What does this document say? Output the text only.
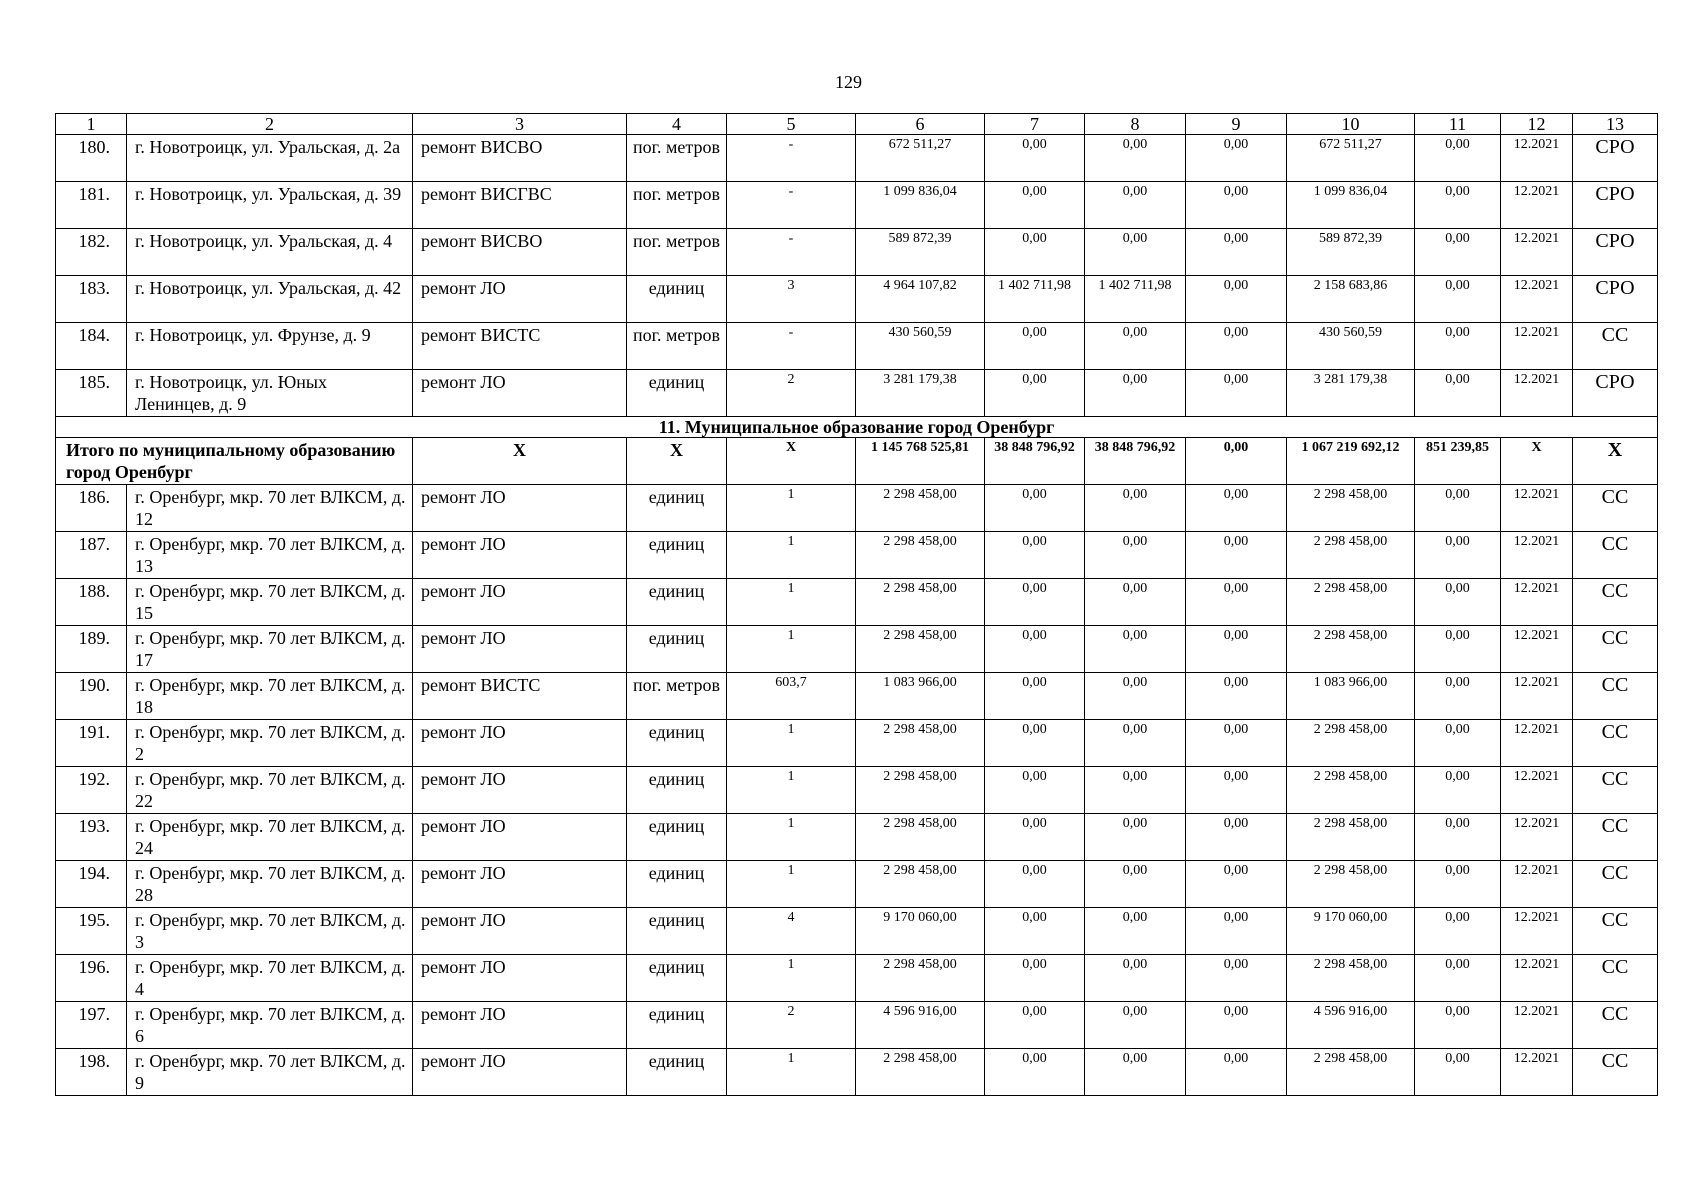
129
1	2	3	4	5	6	7	8	9	10	11	12	13
180.	г. Новотроицк, ул. Уральская, д. 2а	ремонт ВИСВО	пог. метров	-	672 511,27	0,00	0,00	0,00	672 511,27	0,00	12.2021	СРО
181.	г. Новотроицк, ул. Уральская, д. 39	ремонт ВИСГВС	пог. метров	-	1 099 836,04	0,00	0,00	0,00	1 099 836,04	0,00	12.2021	СРО
182.	г. Новотроицк, ул. Уральская, д. 4	ремонт ВИСВО	пог. метров	-	589 872,39	0,00	0,00	0,00	589 872,39	0,00	12.2021	СРО
183.	г. Новотроицк, ул. Уральская, д. 42	ремонт ЛО	единиц	3	4 964 107,82	1 402 711,98	1 402 711,98	0,00	2 158 683,86	0,00	12.2021	СРО
184.	г. Новотроицк, ул. Фрунзе, д. 9	ремонт ВИСТС	пог. метров	-	430 560,59	0,00	0,00	0,00	430 560,59	0,00	12.2021	СС
185.	г. Новотроицк, ул. Юных Ленинцев, д. 9	ремонт ЛО	единиц	2	3 281 179,38	0,00	0,00	0,00	3 281 179,38	0,00	12.2021	СРО
11. Муниципальное образование город Оренбург												
Итого по муниципальному образованию город Оренбург		X	X	X	1 145 768 525,81	38 848 796,92	38 848 796,92	0,00	1 067 219 692,12	851 239,85	X	X
186.	г. Оренбург, мкр. 70 лет ВЛКСМ, д. 12	ремонт ЛО	единиц	1	2 298 458,00	0,00	0,00	0,00	2 298 458,00	0,00	12.2021	СС
187.	г. Оренбург, мкр. 70 лет ВЛКСМ, д. 13	ремонт ЛО	единиц	1	2 298 458,00	0,00	0,00	0,00	2 298 458,00	0,00	12.2021	СС
188.	г. Оренбург, мкр. 70 лет ВЛКСМ, д. 15	ремонт ЛО	единиц	1	2 298 458,00	0,00	0,00	0,00	2 298 458,00	0,00	12.2021	СС
189.	г. Оренбург, мкр. 70 лет ВЛКСМ, д. 17	ремонт ЛО	единиц	1	2 298 458,00	0,00	0,00	0,00	2 298 458,00	0,00	12.2021	СС
190.	г. Оренбург, мкр. 70 лет ВЛКСМ, д. 18	ремонт ВИСТС	пог. метров	603,7	1 083 966,00	0,00	0,00	0,00	1 083 966,00	0,00	12.2021	СС
191.	г. Оренбург, мкр. 70 лет ВЛКСМ, д. 2	ремонт ЛО	единиц	1	2 298 458,00	0,00	0,00	0,00	2 298 458,00	0,00	12.2021	СС
192.	г. Оренбург, мкр. 70 лет ВЛКСМ, д. 22	ремонт ЛО	единиц	1	2 298 458,00	0,00	0,00	0,00	2 298 458,00	0,00	12.2021	СС
193.	г. Оренбург, мкр. 70 лет ВЛКСМ, д. 24	ремонт ЛО	единиц	1	2 298 458,00	0,00	0,00	0,00	2 298 458,00	0,00	12.2021	СС
194.	г. Оренбург, мкр. 70 лет ВЛКСМ, д. 28	ремонт ЛО	единиц	1	2 298 458,00	0,00	0,00	0,00	2 298 458,00	0,00	12.2021	СС
195.	г. Оренбург, мкр. 70 лет ВЛКСМ, д. 3	ремонт ЛО	единиц	4	9 170 060,00	0,00	0,00	0,00	9 170 060,00	0,00	12.2021	СС
196.	г. Оренбург, мкр. 70 лет ВЛКСМ, д. 4	ремонт ЛО	единиц	1	2 298 458,00	0,00	0,00	0,00	2 298 458,00	0,00	12.2021	СС
197.	г. Оренбург, мкр. 70 лет ВЛКСМ, д. 6	ремонт ЛО	единиц	2	4 596 916,00	0,00	0,00	0,00	4 596 916,00	0,00	12.2021	СС
198.	г. Оренбург, мкр. 70 лет ВЛКСМ, д. 9	ремонт ЛО	единиц	1	2 298 458,00	0,00	0,00	0,00	2 298 458,00	0,00	12.2021	СС
